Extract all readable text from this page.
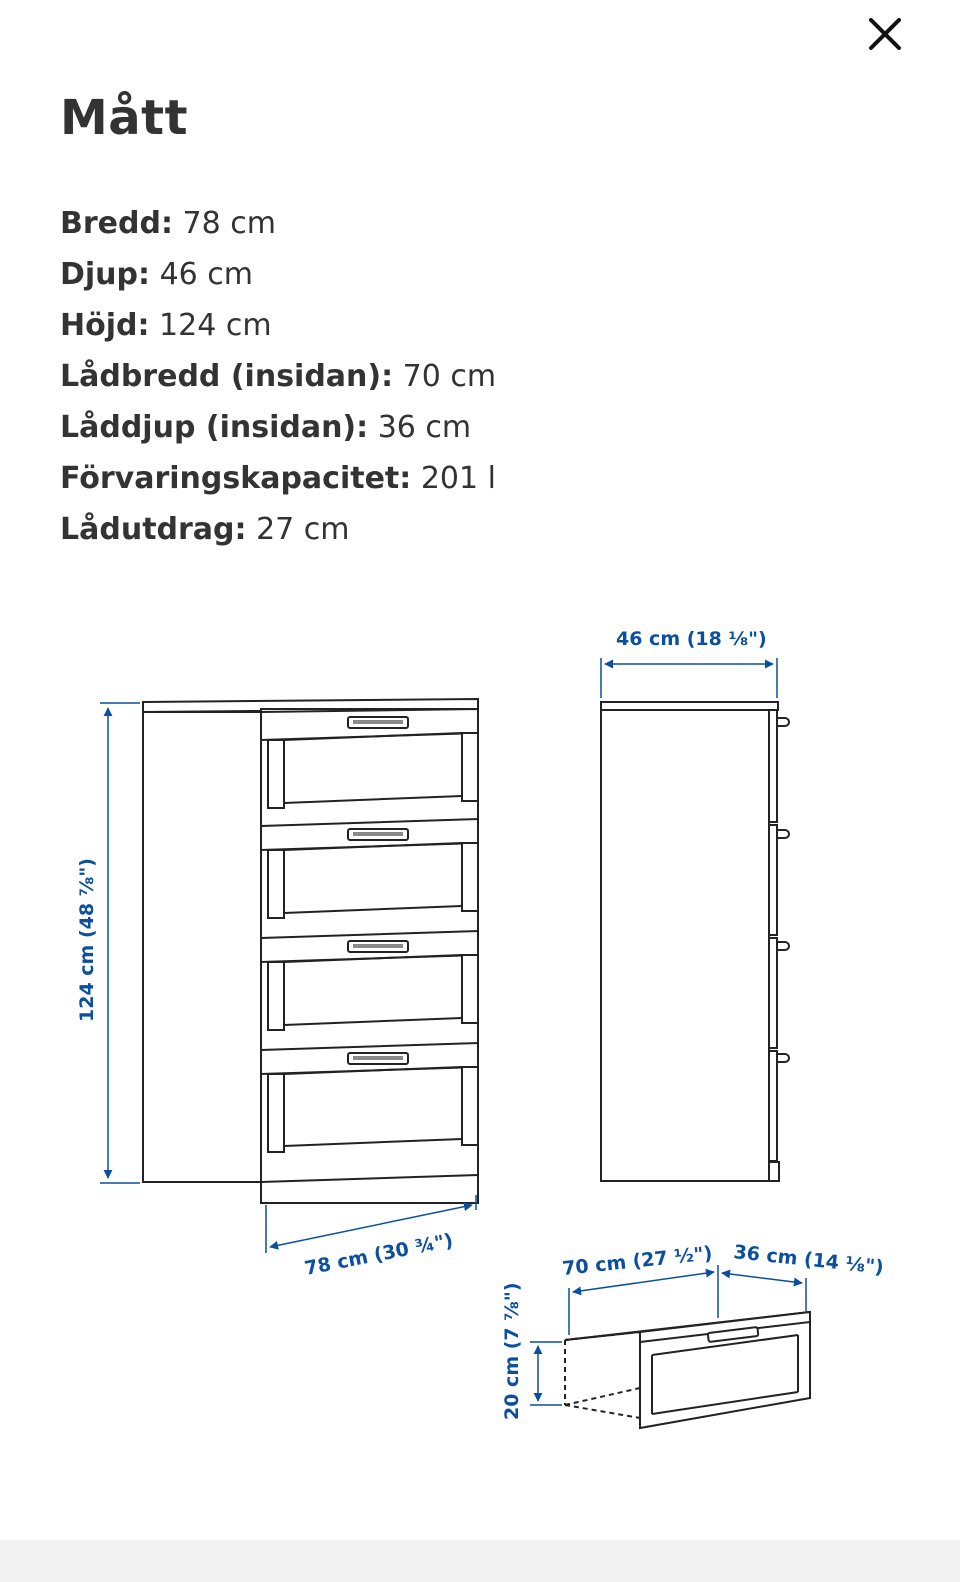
Mått
Bredd: 78 cm
Djup: 46 cm
Höjd: 124 cm
Lådbredd (insidan): 70 cm
Låddjup (insidan): 36 cm
Förvaringskapacitet: 201 l
Lådutdrag: 27 cm
124 cm (48 ⅞")
78 cm (30 ¾")
46 cm (18 ⅛")
70 cm (27 ½") 36 cm (14 ⅛")
20 cm (7 ⅞")
